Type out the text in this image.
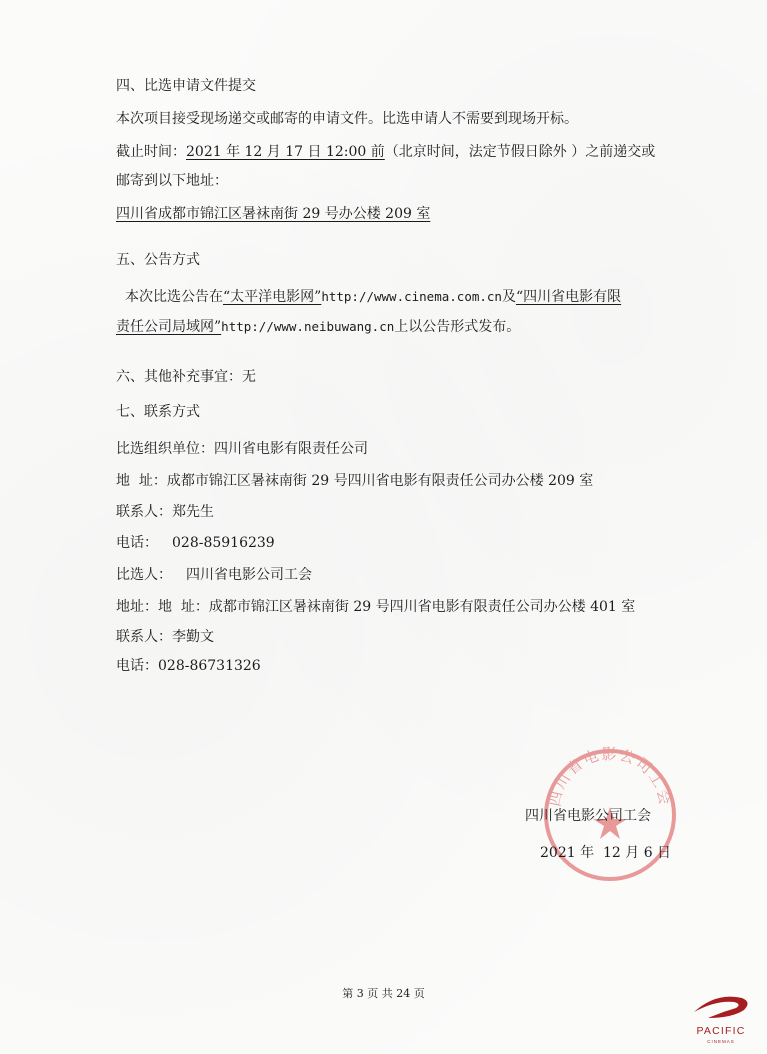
四、比选申请文件提交
本次项目接受现场递交或邮寄的申请文件。比选申请人不需要到现场开标。
截止时间：2021 年 12 月 17 日 12:00 前（北京时间，法定节假日除外 ）之前递交或
邮寄到以下地址：
四川省成都市锦江区暑袜南街 29 号办公楼 209 室
五、公告方式
本次比选公告在“太平洋电影网”http://www.cinema.com.cn及“四川省电影有限
责任公司局域网”http://www.neibuwang.cn上以公告形式发布。
六、其他补充事宜：无
七、联系方式
比选组织单位：四川省电影有限责任公司
地  址：成都市锦江区暑袜南街 29 号四川省电影有限责任公司办公楼 209 室
联系人：郑先生
电话： 028-85916239
比选人： 四川省电影公司工会
地址：地  址：成都市锦江区暑袜南街 29 号四川省电影有限责任公司办公楼 401 室
联系人：李勤文
电话：028-86731326
四川省电影公司工会
四川省电影公司工会
2021 年  12 月 6 日
第 3 页 共 24 页
PACIFIC
CINEMAS
